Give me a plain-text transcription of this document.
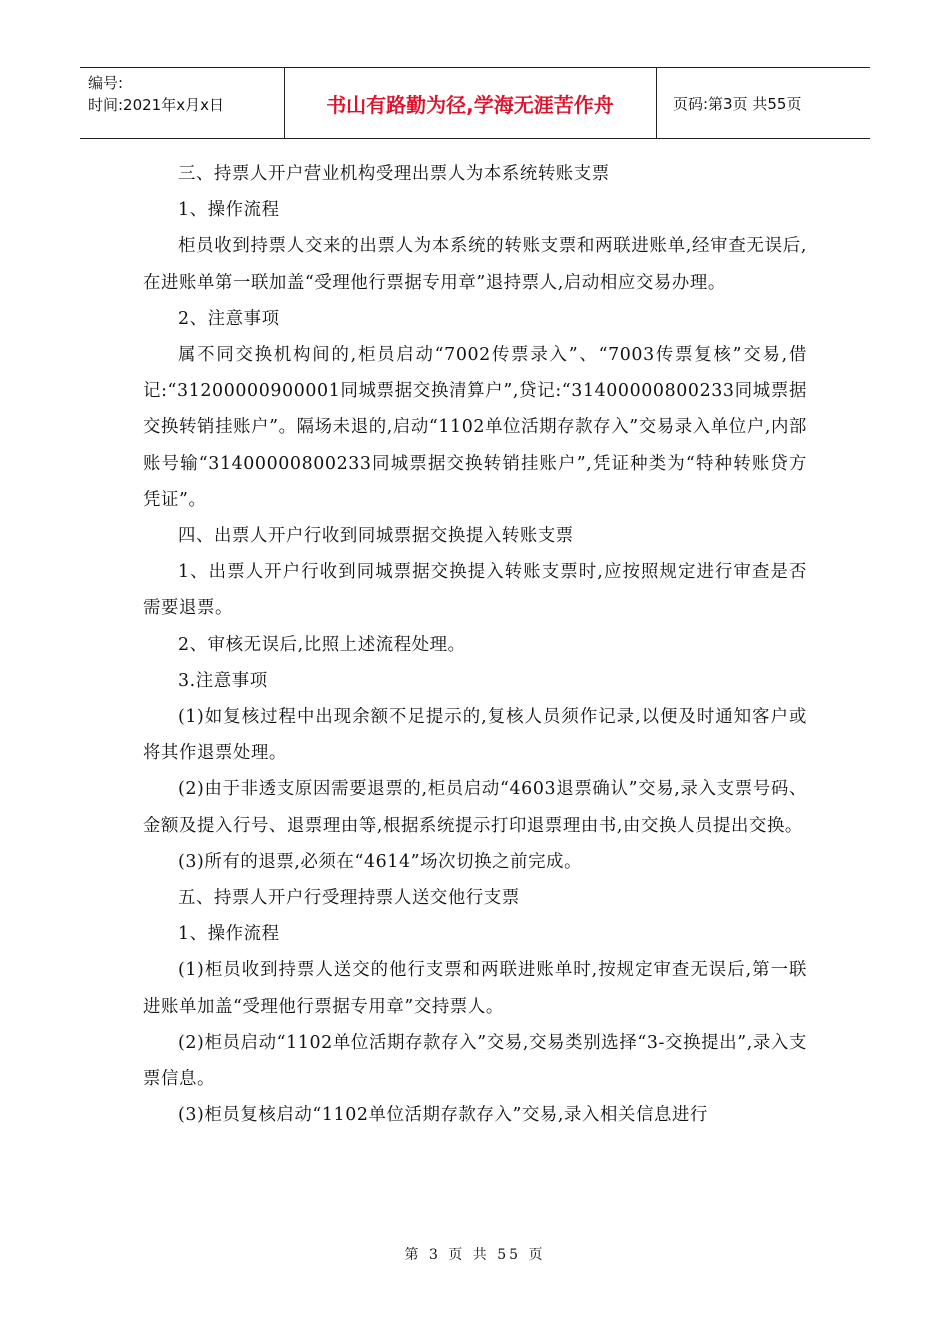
编号:
时间:2021年x月x日	书山有路勤为径,学海无涯苦作舟	页码:第3页 共55页

三、持票人开户营业机构受理出票人为本系统转账支票

1、操作流程

柜员收到持票人交来的出票人为本系统的转账支票和两联进账单,经审查无误后,在进账单第一联加盖“受理他行票据专用章”退持票人,启动相应交易办理。

2、注意事项

属不同交换机构间的,柜员启动“7002传票录入”、“7003传票复核”交易,借记:“31200000900001同城票据交换清算户”,贷记:“31400000800233同城票据交换转销挂账户”。隔场未退的,启动“1102单位活期存款存入”交易录入单位户,内部账号输“31400000800233同城票据交换转销挂账户”,凭证种类为“特种转账贷方凭证”。

四、出票人开户行收到同城票据交换提入转账支票

1、出票人开户行收到同城票据交换提入转账支票时,应按照规定进行审查是否需要退票。

2、审核无误后,比照上述流程处理。

3.注意事项

(1)如复核过程中出现余额不足提示的,复核人员须作记录,以便及时通知客户或将其作退票处理。

(2)由于非透支原因需要退票的,柜员启动“4603退票确认”交易,录入支票号码、金额及提入行号、退票理由等,根据系统提示打印退票理由书,由交换人员提出交换。

(3)所有的退票,必须在“4614”场次切换之前完成。

五、持票人开户行受理持票人送交他行支票

1、操作流程

(1)柜员收到持票人送交的他行支票和两联进账单时,按规定审查无误后,第一联进账单加盖“受理他行票据专用章”交持票人。

(2)柜员启动“1102单位活期存款存入”交易,交易类别选择“3-交换提出”,录入支票信息。

(3)柜员复核启动“1102单位活期存款存入”交易,录入相关信息进行

第 3 页 共 55 页
